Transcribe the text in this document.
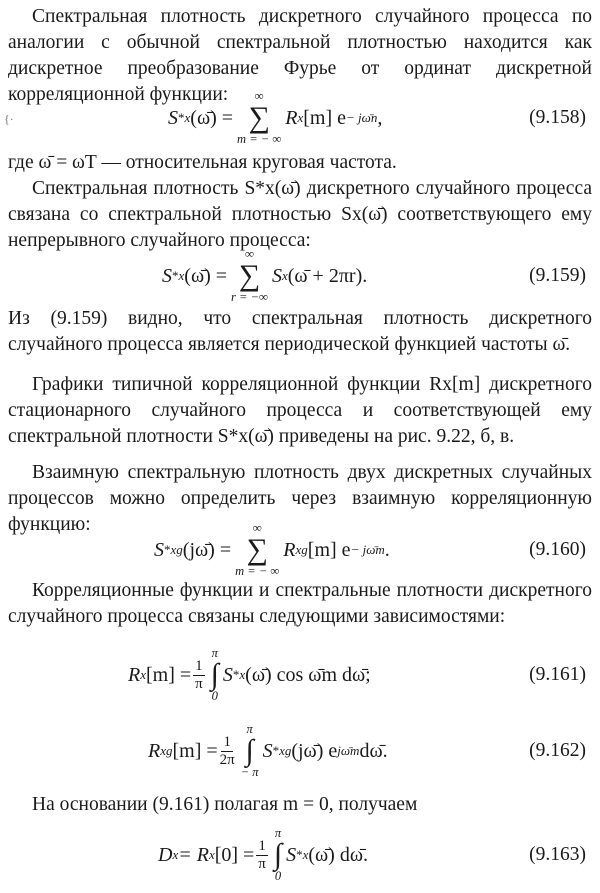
Спектральная плотность дискретного случайного процесса по аналогии с обычной спектральной плотностью находится как дискретное преобразование Фурье от ординат дискретной корреляционной функции:
{·	S * x (ω̄) =
∞
∑
m = − ∞
R x [m] e − jω̄n ,	(9.158)
где ω̄ = ωT — относительная круговая частота.
Спектральная плотность S*x(ω̄) дискретного случайного процесса связана со спектральной плотностью Sx(ω̄) соответствующего ему непрерывного случайного процесса:
S * x (ω̄) =
∞
∑
r = −∞
S x (ω̄ + 2πr).	(9.159)
Из (9.159) видно, что спектральная плотность дискретного случайного процесса является периодической функцией частоты ω̄.
Графики типичной корреляционной функции Rx[m] дискретного стационарного случайного процесса и соответствующей ему спектральной плотности S*x(ω̄) приведены на рис. 9.22, б, в.
Взаимную спектральную плотность двух дискретных случайных процессов можно определить через взаимную корреляционную функцию:
S * xg (jω̄) =
∞
∑
m = − ∞
R xg [m] e − jω̄m .	(9.160)
Корреляционные функции и спектральные плотности дискретного случайного процесса связаны следующими зависимостями:
R x $[m] = \frac{1}{\pi}$
π
∫
0
S * x (ω̄) cos ω̄m dω̄;	(9.161)
R xg $[m] = \frac{1}{2\pi}$
π
∫
− π
S * xg (jω̄) e jω̄m dω̄.	(9.162)
На основании (9.161) полагая m = 0, получаем
D x = R x $[0] = \frac{1}{\pi}$
π
∫
0
S * x (ω̄) dω̄.	(9.163)
